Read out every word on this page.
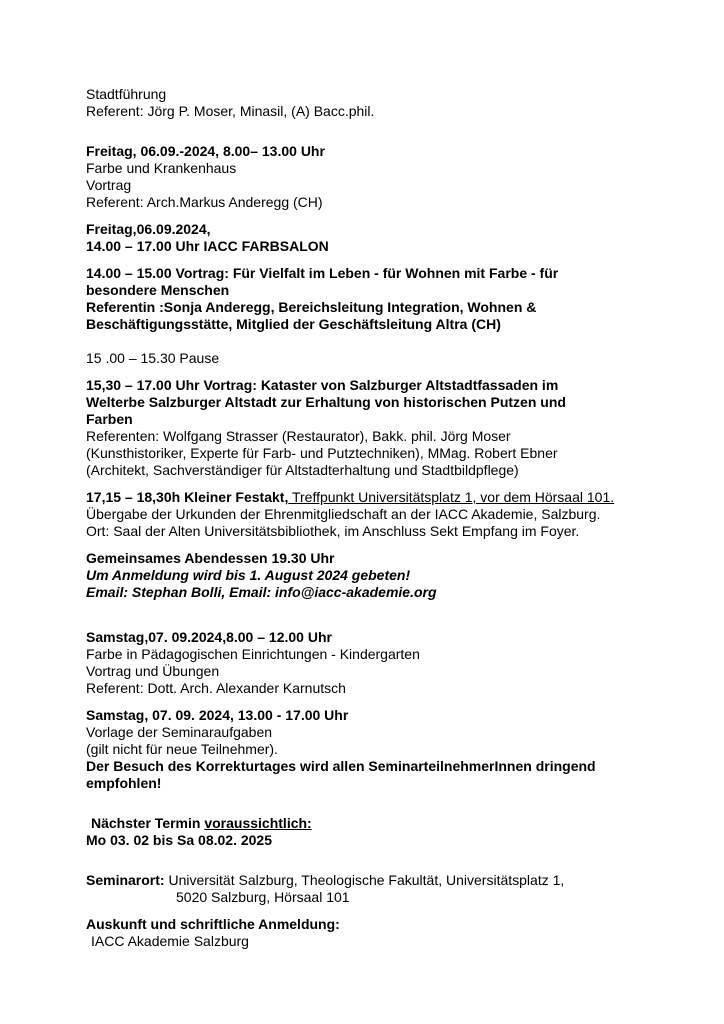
Stadtführung
Referent: Jörg P. Moser, Minasil, (A) Bacc.phil.
Freitag, 06.09.-2024, 8.00– 13.00 Uhr
Farbe und Krankenhaus
Vortrag
Referent: Arch.Markus Anderegg (CH)
Freitag,06.09.2024,
14.00 – 17.00 Uhr IACC FARBSALON
14.00 – 15.00 Vortrag: Für Vielfalt im Leben - für Wohnen mit Farbe - für
besondere Menschen
Referentin :Sonja Anderegg, Bereichsleitung Integration, Wohnen &
Beschäftigungsstätte, Mitglied der Geschäftsleitung Altra (CH)
15 .00 – 15.30 Pause
15,30 – 17.00 Uhr Vortrag: Kataster von Salzburger Altstadtfassaden im
Welterbe Salzburger Altstadt zur Erhaltung von historischen Putzen und
Farben
Referenten: Wolfgang Strasser (Restaurator), Bakk. phil. Jörg Moser
(Kunsthistoriker, Experte für Farb- und Putztechniken), MMag. Robert Ebner
(Architekt, Sachverständiger für Altstadterhaltung und Stadtbildpflege)
17,15 – 18,30h Kleiner Festakt, Treffpunkt Universitätsplatz 1, vor dem Hörsaal 101.
Übergabe der Urkunden der Ehrenmitgliedschaft an der IACC Akademie, Salzburg.
Ort: Saal der Alten Universitätsbibliothek, im Anschluss Sekt Empfang im Foyer.
Gemeinsames Abendessen 19.30 Uhr
Um Anmeldung wird bis 1. August 2024 gebeten!
Email: Stephan Bolli, Email: info@iacc-akademie.org
Samstag,07. 09.2024,8.00 – 12.00 Uhr
Farbe in Pädagogischen Einrichtungen - Kindergarten
Vortrag und Übungen
Referent: Dott. Arch. Alexander Karnutsch
Samstag, 07. 09. 2024, 13.00 - 17.00 Uhr
Vorlage der Seminaraufgaben
(gilt nicht für neue Teilnehmer).
Der Besuch des Korrekturtages wird allen SeminarteilnehmerInnen dringend
empfohlen!
Nächster Termin voraussichtlich:
Mo 03. 02 bis Sa 08.02. 2025
Seminarort: Universität Salzburg, Theologische Fakultät, Universitätsplatz 1,
5020 Salzburg, Hörsaal 101
Auskunft und schriftliche Anmeldung:
IACC Akademie Salzburg
